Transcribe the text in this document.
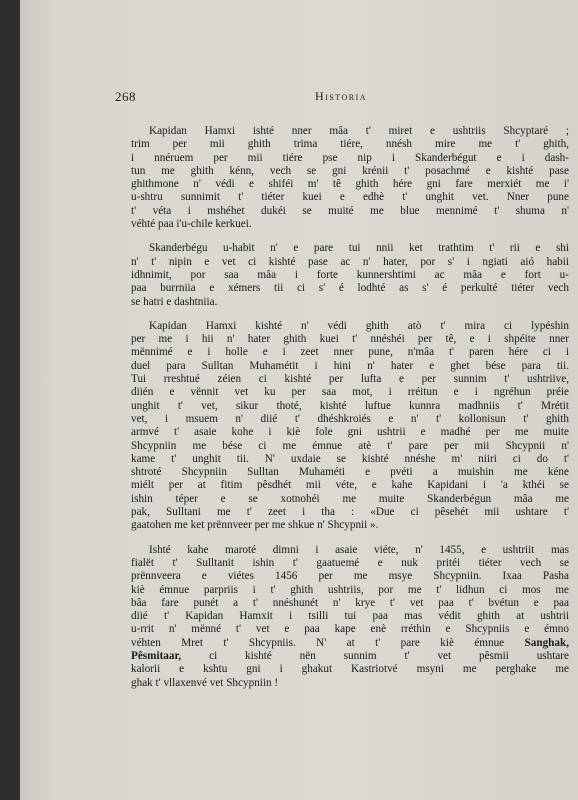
268	Historia
Kapidan Hamxi ishté nner mâa t' miret e ushtriis Shcyptaré ;
trim per mii ghith trima tiére, nnésh mire me t' ghith,
i nnéruem per mii tiére pse nip i Skanderbégut e i dash-
tun me ghith kénn, vech se gni krénii t' posachmé e kishté pase
ghithmone n' védi e shiféi m' tê ghith hére gni fare merxiét me i'
u-shtru sunnimit t' tiéter kuei e edhè t' unghit vet. Nner pune
t' véta i mshéhet dukéi se muité me blue mennimé t' shuma n'
véhté paa i'u-chile kerkuei.
Skanderbégu u-habit n' e pare tui nnii ket trathtim t' rii e shi
n' t' nipin e vet ci kishté pase ac n' hater, por s' i ngiati aió habii
idhnimit, por saa mâa i forte kunnershtimi ac mâa e fort u-
paa burrniia e xémers tii ci s' é lodhté as s' é perkulté tiéter vech
se hatri e dashtniia.
Kapidan Hamxi kishté n' védi ghith atò t' mira ci lypéshin
per me i hii n' hater ghith kuei t' nnéshéi per tê, e i shpéite nner
mënnimé e i holle e i zeet nner pune, n'mâa t' paren hére ci i
duel para Sulltan Muhamétit i hini n' hater e ghet bése para tii.
Tui rreshtué zéien ci kishté per lufta e per sunnim t' ushtriive,
diién e vënnit vet ku per saa mot, i rréitun e i ngréhun préie
unghit t' vet, sikur thoté, kishté luftue kunnra madhniis t' Mrétit
vet, i msuem n' diié t' dhéshkroiés e n' t' kollonisun t' ghith
armvé t' asaie kohe i kiè fole gni ushtrii e madhé per me muite
Shcypniin me bése ci me émnue atè t' pare per mii Shcypnii n'
kame t' unghit tii. N' uxdaie se kishté nnéshe m' niiri ci do t'
shtroté Shcypniin Sulltan Muhaméti e pvéti a muishin me kéne
miélt per at fitim pêsdhét mii véte, e kahe Kapidani i 'a kthéi se
ishin téper e se xotnohéi me muite Skanderbégun mâa me
pak, Sulltani me t' zeet i tha : «Due ci pêsehét mii ushtare t'
gaatohen me ket prënnveer per me shkue n' Shcypnii ».
Ishté kahe maroté dimni i asaie viéte, n' 1455, e ushtriit mas
fialët t' Sulltanit ishin t' gaatuemé e nuk pritéi tiéter vech se
prënnveera e viétes 1456 per me msye Shcypniin. Ixaa Pasha
kiè émnue parpriis i t' ghith ushtriis, por me t' lidhun ci mos me
bâa fare punét a t' nnéshunét n' krye t' vet paa t' bvétun e paa
diié t' Kapidan Hamxit i tsilli tui paa mas védit ghith at ushtrii
u-rrit n' mënné t' vet e paa kape enè rréthin e Shcypniis e émno
véhten Mret t' Shcypniis. N' at t' pare kiè émnue Sanghak,
Pêsmitaar, ci kishté nën sunnim t' vet pêsmii ushtare
kalorii e kshtu gni i ghakut Kastriotvé msyni me perghake me
ghak t' vllaxenvé vet Shcypniin !
